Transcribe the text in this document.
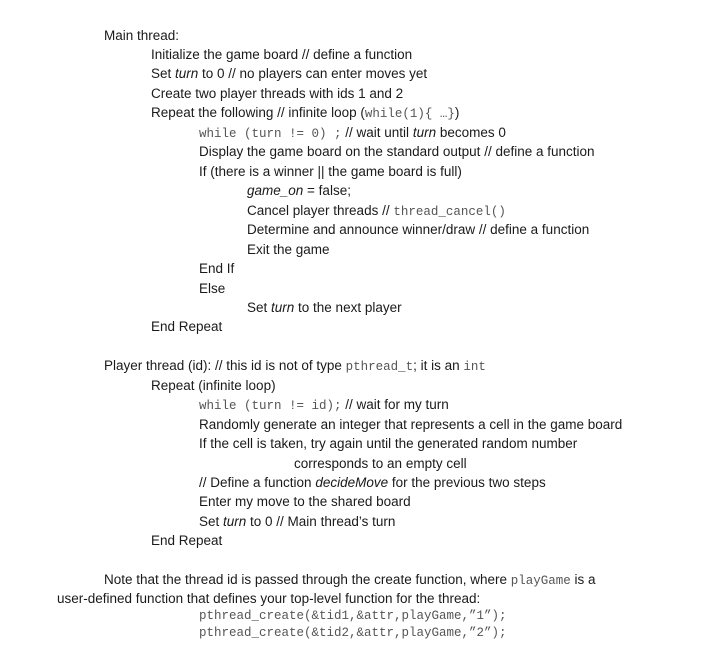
Main thread:
Initialize the game board // define a function
Set turn to 0 // no players can enter moves yet
Create two player threads with ids 1 and 2
Repeat the following // infinite loop (while(1){ …})
while (turn != 0) ; // wait until turn becomes 0
Display the game board on the standard output // define a function
If (there is a winner || the game board is full)
game_on = false;
Cancel player threads // thread_cancel()
Determine and announce winner/draw // define a function
Exit the game
End If
Else
Set turn to the next player
End Repeat
Player thread (id): // this id is not of type pthread_t; it is an int
Repeat (infinite loop)
while (turn != id); // wait for my turn
Randomly generate an integer that represents a cell in the game board
If the cell is taken, try again until the generated random number
corresponds to an empty cell
// Define a function decideMove for the previous two steps
Enter my move to the shared board
Set turn to 0 // Main thread’s turn
End Repeat
Note that the thread id is passed through the create function, where playGame is a
user-defined function that defines your top-level function for the thread:
pthread_create(&tid1,&attr,playGame,”1”);
pthread_create(&tid2,&attr,playGame,”2”);
